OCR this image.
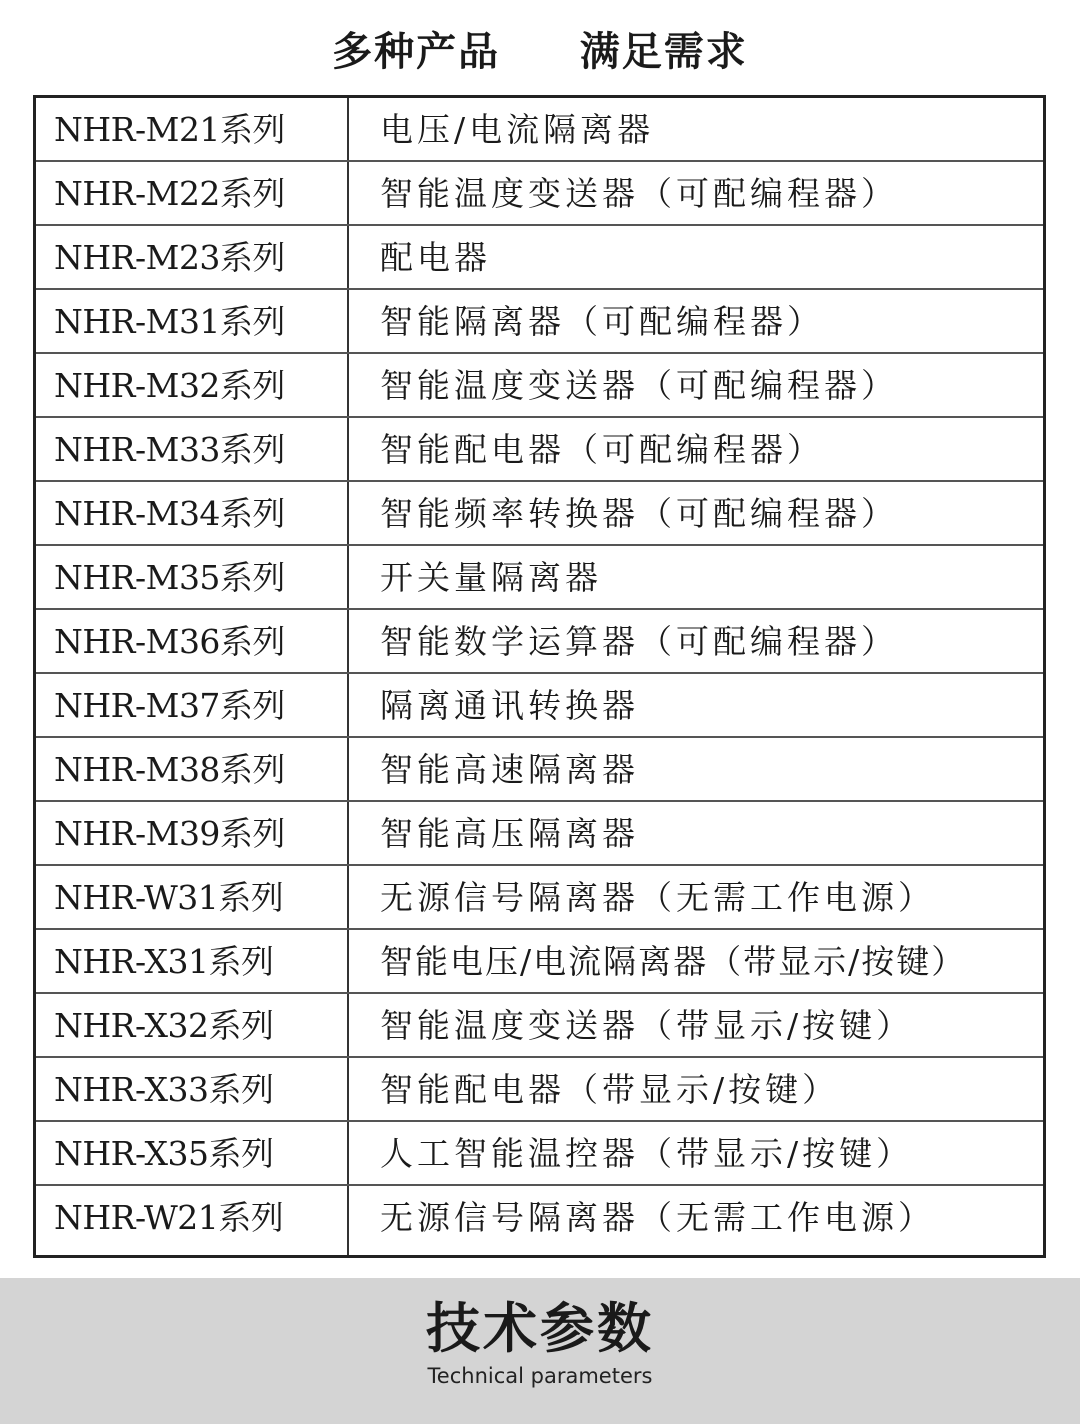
多种产品     满足需求
NHR-M21系列	电压/电流隔离器
NHR-M22系列	智能温度变送器（可配编程器）
NHR-M23系列	配电器
NHR-M31系列	智能隔离器（可配编程器）
NHR-M32系列	智能温度变送器（可配编程器）
NHR-M33系列	智能配电器（可配编程器）
NHR-M34系列	智能频率转换器（可配编程器）
NHR-M35系列	开关量隔离器
NHR-M36系列	智能数学运算器（可配编程器）
NHR-M37系列	隔离通讯转换器
NHR-M38系列	智能高速隔离器
NHR-M39系列	智能高压隔离器
NHR-W31系列	无源信号隔离器（无需工作电源）
NHR-X31系列	智能电压/电流隔离器（带显示/按键）
NHR-X32系列	智能温度变送器（带显示/按键）
NHR-X33系列	智能配电器（带显示/按键）
NHR-X35系列	人工智能温控器（带显示/按键）
NHR-W21系列	无源信号隔离器（无需工作电源）
技术参数
Technical parameters
